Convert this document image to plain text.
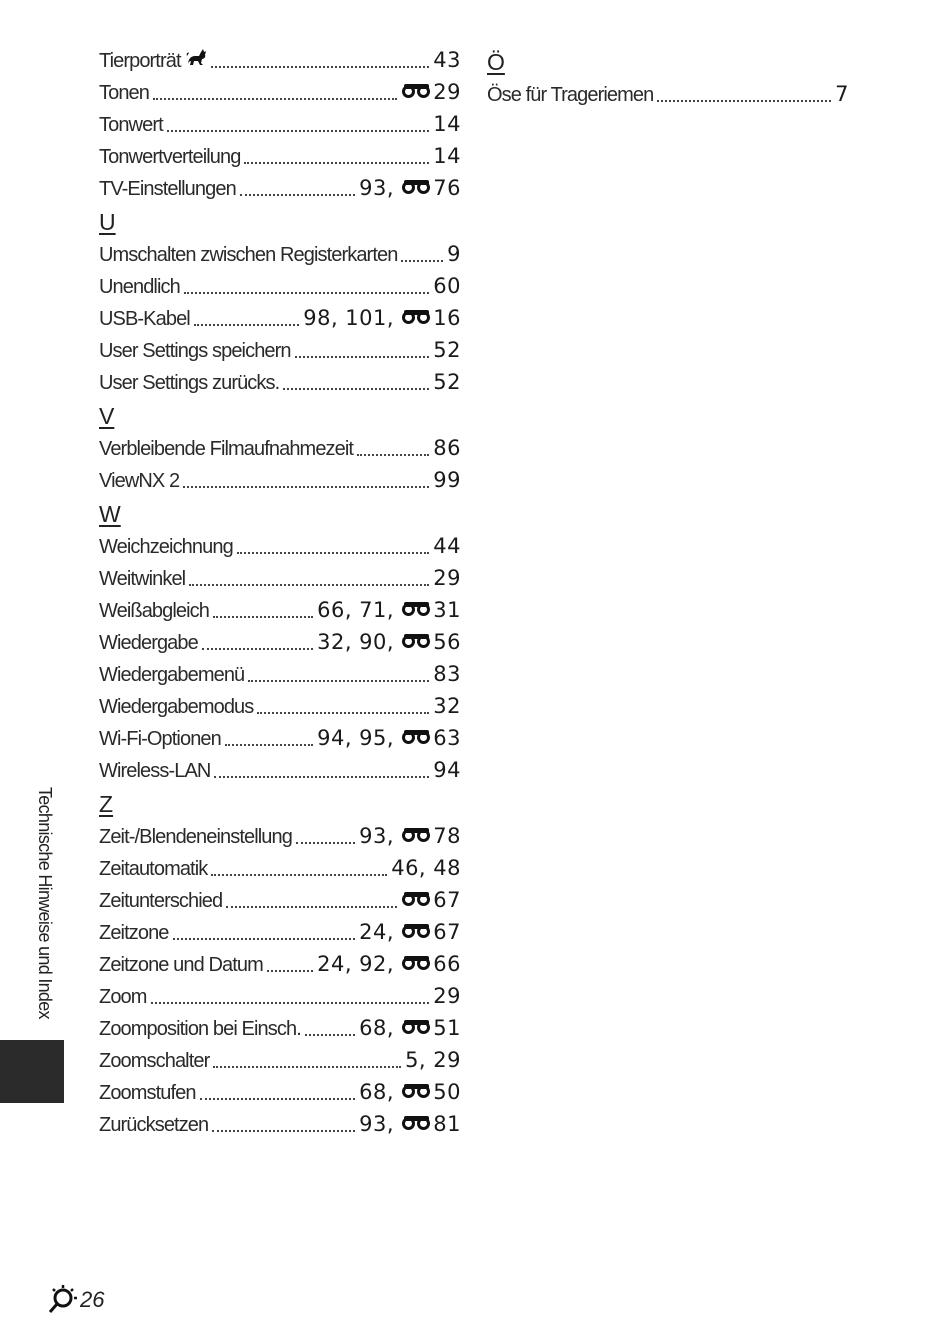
Tierporträt	43
Tonen	29
Tonwert	14
Tonwertverteilung	14
TV-Einstellungen	93, 76
U
Umschalten zwischen Registerkarten 9
Unendlich	60
USB-Kabel	98, 101, 16
User Settings speichern	52
User Settings zurücks.	52
V
Verbleibende Filmaufnahmezeit	86
ViewNX 2	99
W
Weichzeichnung	44
Weitwinkel	29
Weißabgleich	66, 71, 31
Wiedergabe	32, 90, 56
Wiedergabemenü	83
Wiedergabemodus	32
Wi-Fi-Optionen	94, 95, 63
Wireless-LAN	94
Z
Zeit-/Blendeneinstellung	93, 78
Zeitautomatik	46, 48
Zeitunterschied	67
Zeitzone	24, 67
Zeitzone und Datum	24, 92, 66
Zoom	29
Zoomposition bei Einsch.	68, 51
Zoomschalter	5, 29
Zoomstufen	68, 50
Zurücksetzen	93, 81
Ö
Öse für Trageriemen	7
Technische Hinweise und Index
26
